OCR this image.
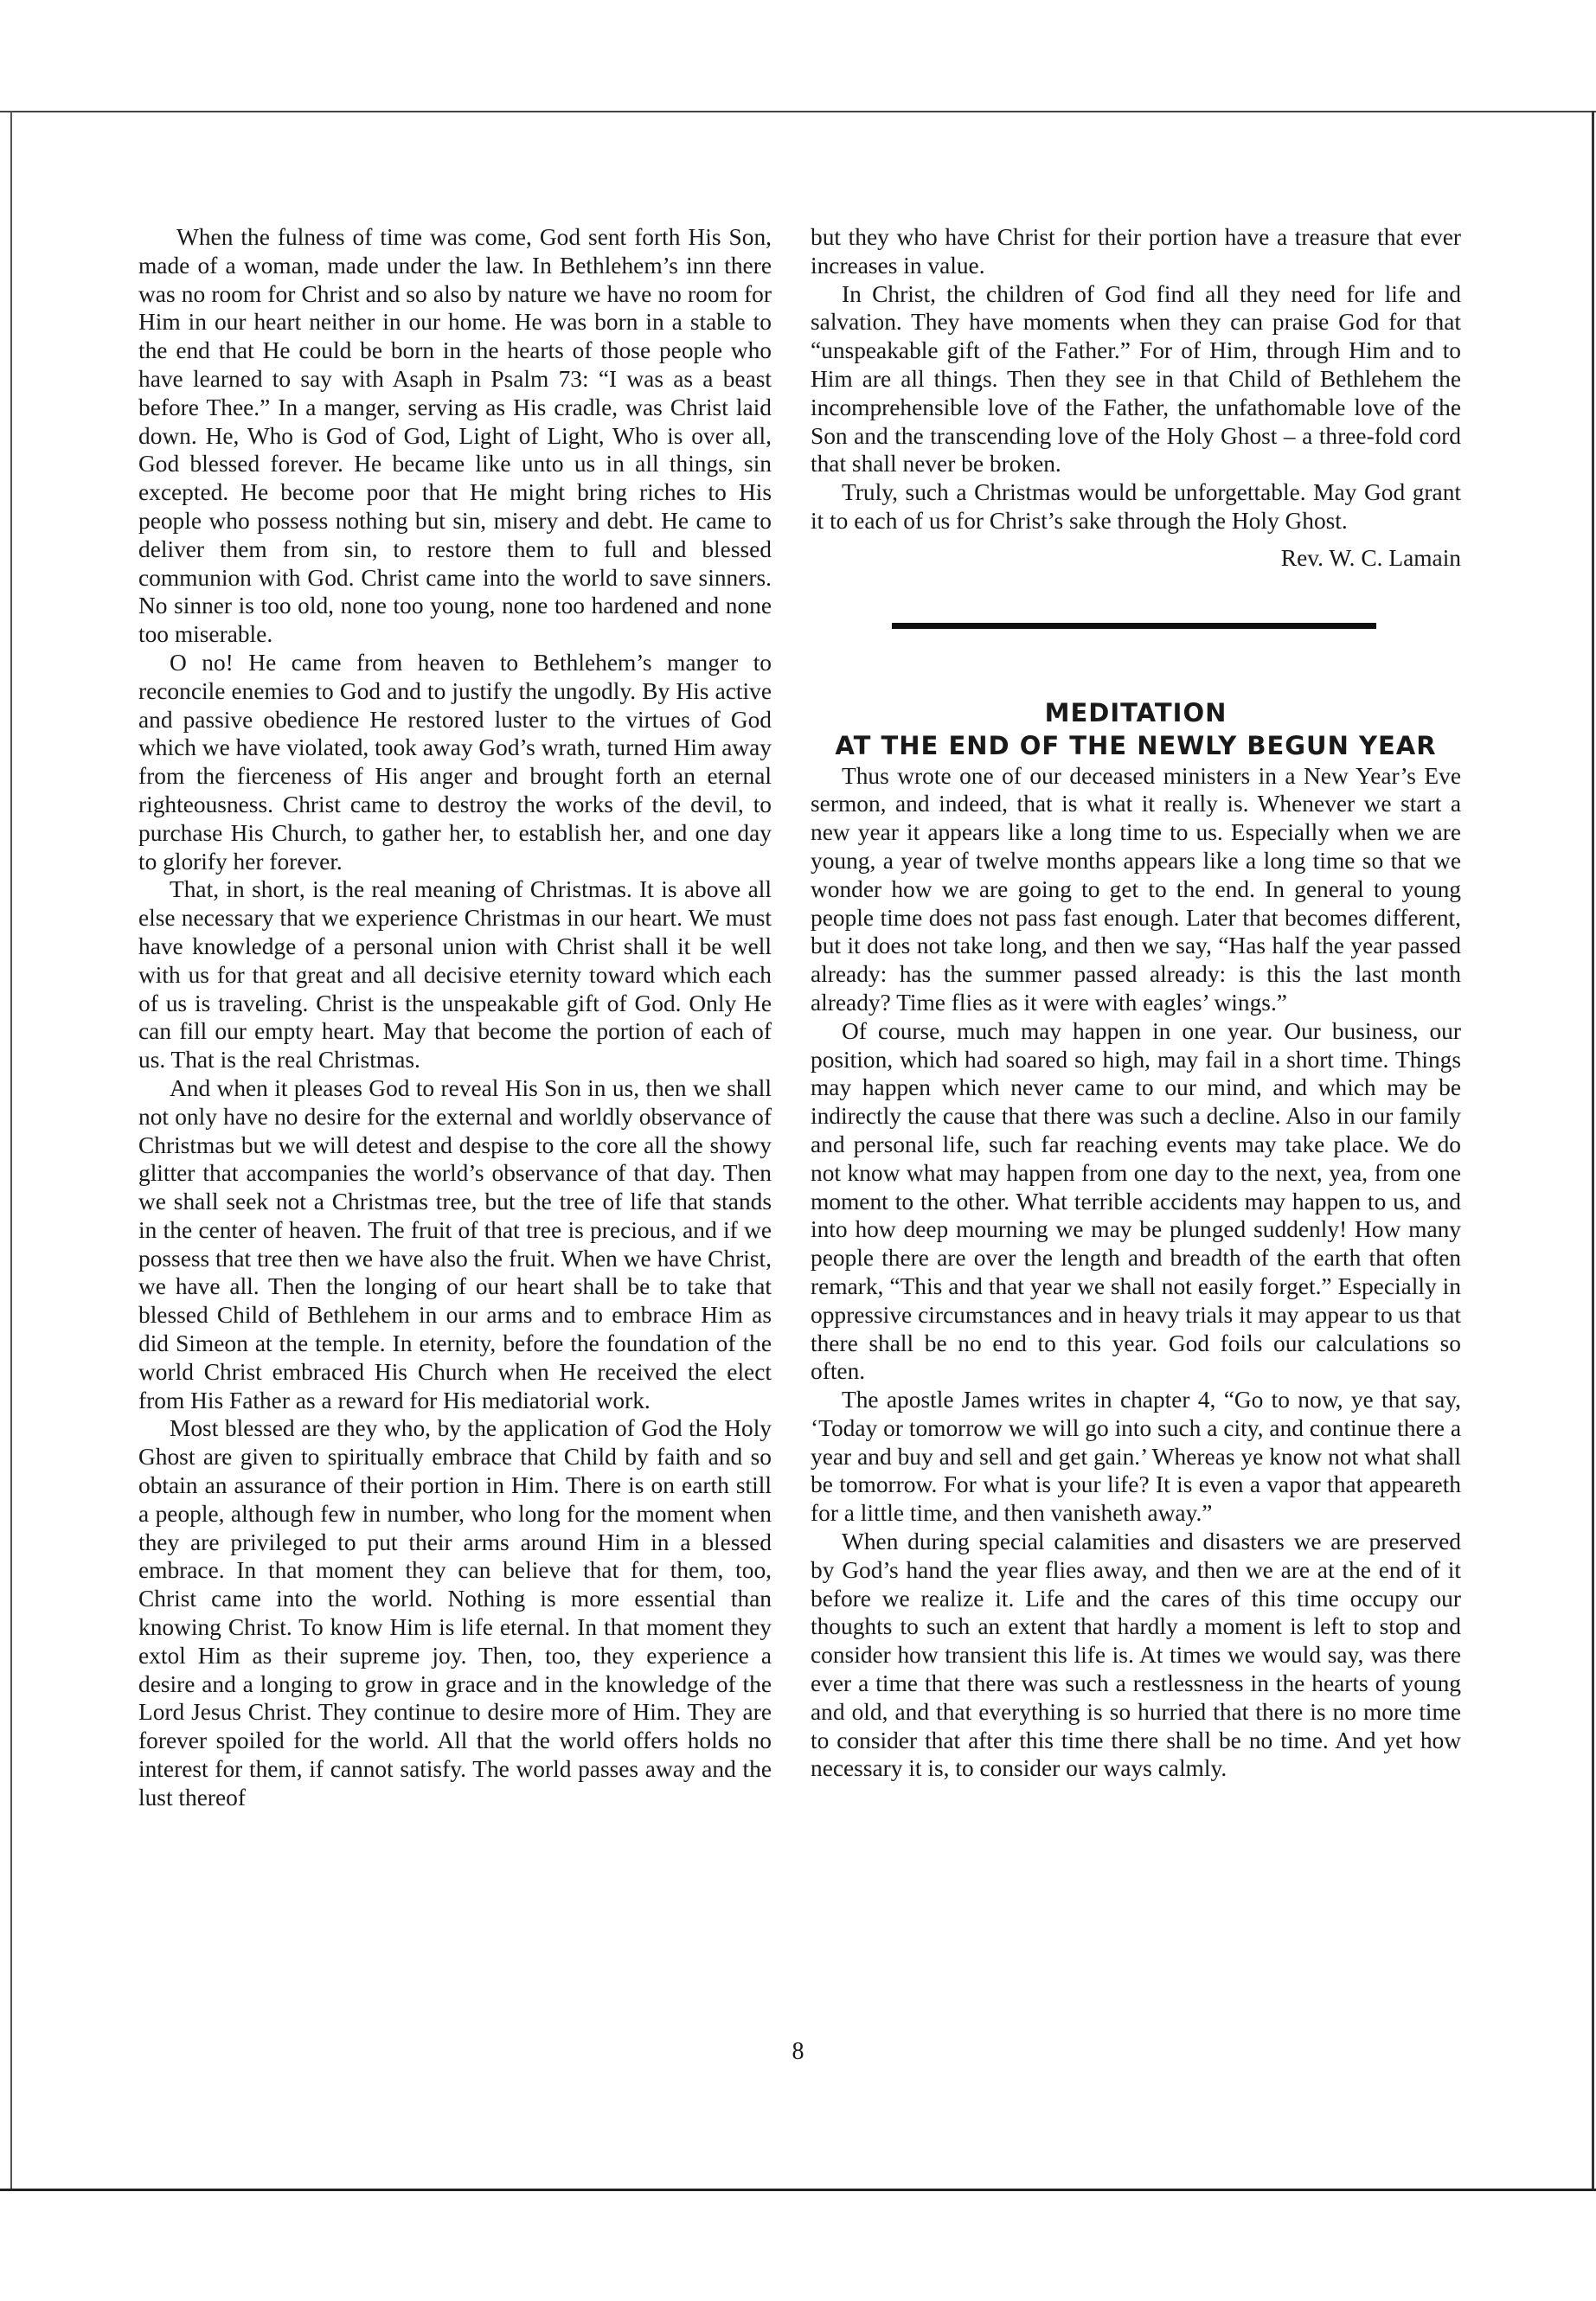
When the fulness of time was come, God sent forth His Son, made of a woman, made under the law. In Bethlehem’s inn there was no room for Christ and so also by nature we have no room for Him in our heart neither in our home. He was born in a stable to the end that He could be born in the hearts of those people who have learned to say with Asaph in Psalm 73: “I was as a beast before Thee.” In a manger, serving as His cradle, was Christ laid down. He, Who is God of God, Light of Light, Who is over all, God blessed forever. He became like unto us in all things, sin excepted. He become poor that He might bring riches to His people who possess nothing but sin, misery and debt. He came to deliver them from sin, to restore them to full and blessed communion with God. Christ came into the world to save sinners. No sinner is too old, none too young, none too hardened and none too miserable.

O no! He came from heaven to Bethlehem’s manger to reconcile enemies to God and to justify the ungodly. By His active and passive obedience He restored luster to the virtues of God which we have violated, took away God’s wrath, turned Him away from the fierceness of His anger and brought forth an eternal righteousness. Christ came to destroy the works of the devil, to purchase His Church, to gather her, to establish her, and one day to glorify her forever.

That, in short, is the real meaning of Christmas. It is above all else necessary that we experience Christmas in our heart. We must have knowledge of a personal union with Christ shall it be well with us for that great and all decisive eternity toward which each of us is traveling. Christ is the unspeakable gift of God. Only He can fill our empty heart. May that become the portion of each of us. That is the real Christmas.

And when it pleases God to reveal His Son in us, then we shall not only have no desire for the external and worldly observance of Christmas but we will detest and despise to the core all the showy glitter that accompanies the world’s observance of that day. Then we shall seek not a Christmas tree, but the tree of life that stands in the center of heaven. The fruit of that tree is precious, and if we possess that tree then we have also the fruit. When we have Christ, we have all. Then the longing of our heart shall be to take that blessed Child of Bethlehem in our arms and to embrace Him as did Simeon at the temple. In eternity, before the foundation of the world Christ embraced His Church when He received the elect from His Father as a reward for His mediatorial work.

Most blessed are they who, by the application of God the Holy Ghost are given to spiritually embrace that Child by faith and so obtain an assurance of their portion in Him. There is on earth still a people, although few in number, who long for the moment when they are privileged to put their arms around Him in a blessed embrace. In that moment they can believe that for them, too, Christ came into the world. Nothing is more essential than knowing Christ. To know Him is life eternal. In that moment they extol Him as their supreme joy. Then, too, they experience a desire and a longing to grow in grace and in the knowledge of the Lord Jesus Christ. They continue to desire more of Him. They are forever spoiled for the world. All that the world offers holds no interest for them, if cannot satisfy. The world passes away and the lust thereof

but they who have Christ for their portion have a treasure that ever increases in value.

In Christ, the children of God find all they need for life and salvation. They have moments when they can praise God for that “unspeakable gift of the Father.” For of Him, through Him and to Him are all things. Then they see in that Child of Bethlehem the incomprehensible love of the Father, the unfathomable love of the Son and the transcending love of the Holy Ghost – a three-fold cord that shall never be broken.

Truly, such a Christmas would be unforgettable. May God grant it to each of us for Christ’s sake through the Holy Ghost.

Rev. W. C. Lamain
MEDITATION
AT THE END OF THE NEWLY BEGUN YEAR

Thus wrote one of our deceased ministers in a New Year’s Eve sermon, and indeed, that is what it really is. Whenever we start a new year it appears like a long time to us. Especially when we are young, a year of twelve months appears like a long time so that we wonder how we are going to get to the end. In general to young people time does not pass fast enough. Later that becomes different, but it does not take long, and then we say, “Has half the year passed already: has the summer passed already: is this the last month already? Time flies as it were with eagles’ wings.”

Of course, much may happen in one year. Our business, our position, which had soared so high, may fail in a short time. Things may happen which never came to our mind, and which may be indirectly the cause that there was such a decline. Also in our family and personal life, such far reaching events may take place. We do not know what may happen from one day to the next, yea, from one moment to the other. What terrible accidents may happen to us, and into how deep mourning we may be plunged suddenly! How many people there are over the length and breadth of the earth that often remark, “This and that year we shall not easily forget.” Especially in oppressive circumstances and in heavy trials it may appear to us that there shall be no end to this year. God foils our calculations so often.

The apostle James writes in chapter 4, “Go to now, ye that say, ‘Today or tomorrow we will go into such a city, and continue there a year and buy and sell and get gain.’ Whereas ye know not what shall be tomorrow. For what is your life? It is even a vapor that appeareth for a little time, and then vanisheth away.”

When during special calamities and disasters we are preserved by God’s hand the year flies away, and then we are at the end of it before we realize it. Life and the cares of this time occupy our thoughts to such an extent that hardly a moment is left to stop and consider how transient this life is. At times we would say, was there ever a time that there was such a restlessness in the hearts of young and old, and that everything is so hurried that there is no more time to consider that after this time there shall be no time. And yet how necessary it is, to consider our ways calmly.

8
